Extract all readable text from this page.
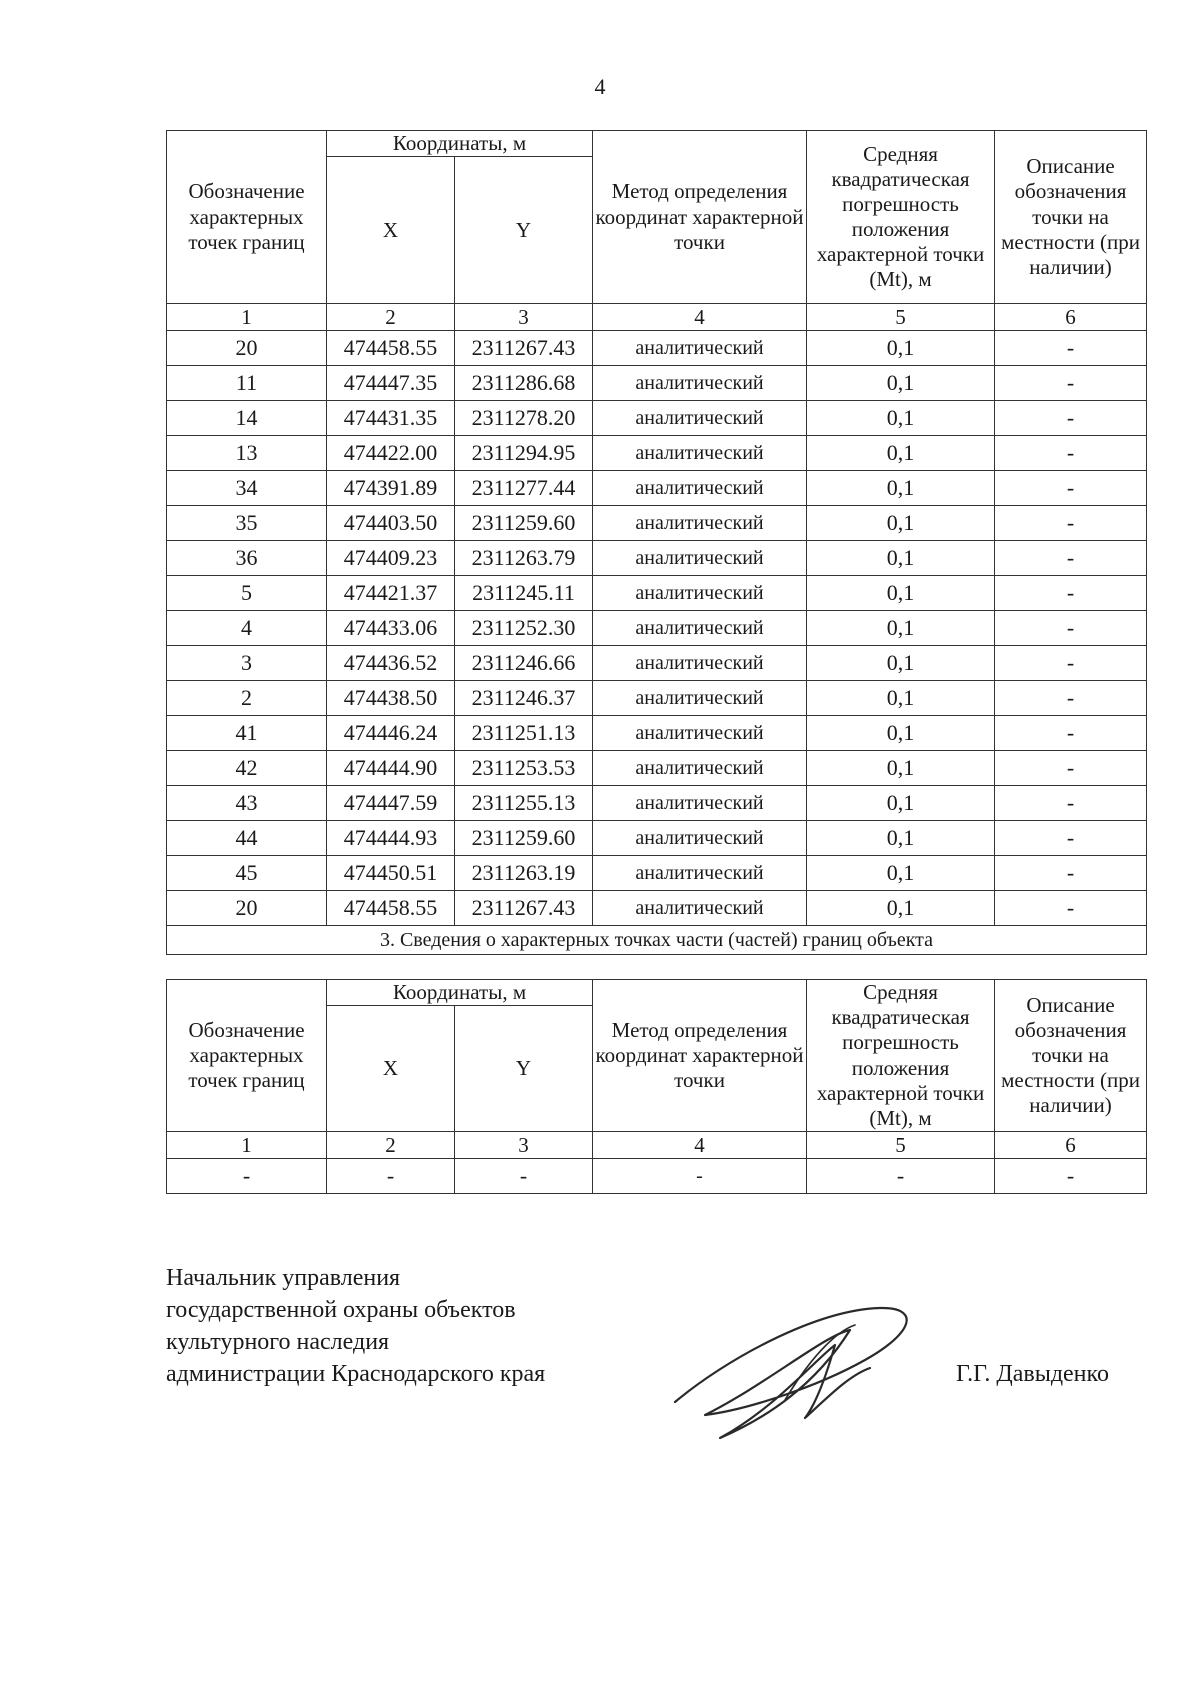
4
Обозначение характерных точек границ	Координаты, м		Метод определения координат характерной точки	Средняя квадратическая погрешность положения характерной точки (Mt), м	Описание обозначения точки на местности (при наличии)
	X	Y			
1	2	3	4	5	6
20	474458.55	2311267.43	аналитический	0,1	-
11	474447.35	2311286.68	аналитический	0,1	-
14	474431.35	2311278.20	аналитический	0,1	-
13	474422.00	2311294.95	аналитический	0,1	-
34	474391.89	2311277.44	аналитический	0,1	-
35	474403.50	2311259.60	аналитический	0,1	-
36	474409.23	2311263.79	аналитический	0,1	-
5	474421.37	2311245.11	аналитический	0,1	-
4	474433.06	2311252.30	аналитический	0,1	-
3	474436.52	2311246.66	аналитический	0,1	-
2	474438.50	2311246.37	аналитический	0,1	-
41	474446.24	2311251.13	аналитический	0,1	-
42	474444.90	2311253.53	аналитический	0,1	-
43	474447.59	2311255.13	аналитический	0,1	-
44	474444.93	2311259.60	аналитический	0,1	-
45	474450.51	2311263.19	аналитический	0,1	-
20	474458.55	2311267.43	аналитический	0,1	-
3. Сведения о характерных точках части (частей) границ объекта					
Обозначение характерных точек границ	Координаты, м		Метод определения координат характерной точки	Средняя квадратическая погрешность положения характерной точки (Mt), м	Описание обозначения точки на местности (при наличии)
	X	Y			
1	2	3	4	5	6
-	-	-	-	-	-
Начальник управления
государственной охраны объектов
культурного наследия
администрации Краснодарского края	Г.Г. Давыденко
